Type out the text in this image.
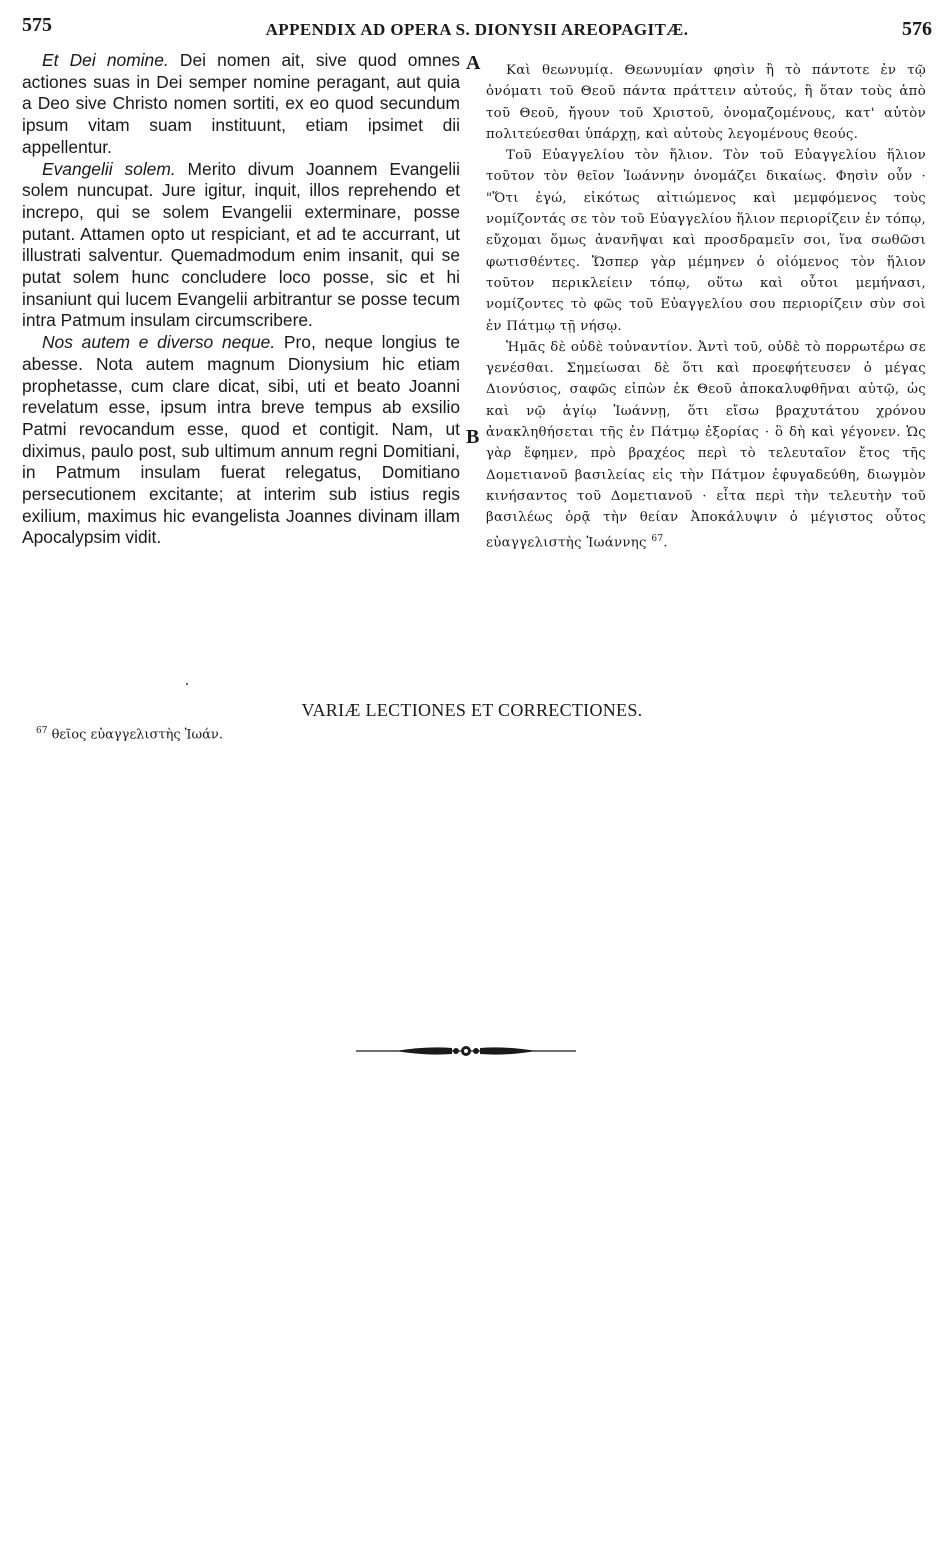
575	APPENDIX AD OPERA S. DIONYSII AREOPAGITÆ.	576
A
B

Et Dei nomine. Dei nomen ait, sive quod omnes actiones suas in Dei semper nomine peragant, aut quia a Deo sive Christo nomen sortiti, ex eo quod secundum ipsum vitam suam instituunt, etiam ipsimet dii appellentur.

Evangelii solem. Merito divum Joannem Evangelii solem nuncupat. Jure igitur, inquit, illos reprehendo et increpo, qui se solem Evangelii exterminare, posse putant. Attamen opto ut respiciant, et ad te accurrant, ut illustrati salventur. Quemadmodum enim insanit, qui se putat solem hunc concludere loco posse, sic et hi insaniunt qui lucem Evangelii arbitrantur se posse tecum intra Patmum insulam circumscribere.

Nos autem e diverso neque. Pro, neque longius te abesse. Nota autem magnum Dionysium hic etiam prophetasse, cum clare dicat, sibi, uti et beato Joanni revelatum esse, ipsum intra breve tempus ab exsilio Patmi revocandum esse, quod et contigit. Nam, ut diximus, paulo post, sub ultimum annum regni Domitiani, in Patmum insulam fuerat relegatus, Domitiano persecutionem excitante; at interim sub istius regis exilium, maximus hic evangelista Joannes divinam illam Apocalypsim vidit.

Καὶ θεωνυμίᾳ. Θεωνυμίαν φησὶν ἢ τὸ πάντοτε ἐν τῷ ὀνόματι τοῦ Θεοῦ πάντα πράττειν αὐτούς, ἢ ὅταν τοὺς ἀπὸ τοῦ Θεοῦ, ἤγουν τοῦ Χριστοῦ, ὀνομαζομένους, κατ' αὐτὸν πολιτεύεσθαι ὑπάρχῃ, καὶ αὐτοὺς λεγομένους θεούς.

Τοῦ Εὐαγγελίου τὸν ἥλιον. Τὸν τοῦ Εὐαγγελίου ἥλιον τοῦτον τὸν θεῖον Ἰωάννην ὀνομάζει δικαίως. Φησὶν οὖν · "Ὅτι ἐγώ, εἰκότως αἰτιώμενος καὶ μεμφόμενος τοὺς νομίζοντάς σε τὸν τοῦ Εὐαγγελίου ἥλιον περιορίζειν ἐν τόπῳ, εὔχομαι ὅμως ἀνανῆψαι καὶ προσδραμεῖν σοι, ἵνα σωθῶσι φωτισθέντες. Ὥσπερ γὰρ μέμηνεν ὁ οἰόμενος τὸν ἥλιον τοῦτον περικλείειν τόπῳ, οὕτω καὶ οὗτοι μεμήνασι, νομίζοντες τὸ φῶς τοῦ Εὐαγγελίου σου περιορίζειν σὺν σοὶ ἐν Πάτμῳ τῇ νήσῳ.

Ἡμᾶς δὲ οὐδὲ τοὐναντίον. Ἀντὶ τοῦ, οὐδὲ τὸ πορρωτέρω σε γενέσθαι. Σημείωσαι δὲ ὅτι καὶ προεφήτευσεν ὁ μέγας Διονύσιος, σαφῶς εἰπὼν ἐκ Θεοῦ ἀποκαλυφθῆναι αὐτῷ, ὡς καὶ νῷ ἁγίῳ Ἰωάννῃ, ὅτι εἴσω βραχυτάτου χρόνου ἀνακληθήσεται τῆς ἐν Πάτμῳ ἐξορίας · ὃ δὴ καὶ γέγονεν. Ὡς γὰρ ἔφημεν, πρὸ βραχέος περὶ τὸ τελευταῖον ἔτος τῆς Δομετιανοῦ βασιλείας εἰς τὴν Πάτμον ἐφυγαδεύθη, διωγμὸν κινήσαντος τοῦ Δομετιανοῦ · εἶτα περὶ τὴν τελευτὴν τοῦ βασιλέως ὁρᾷ τὴν θείαν Ἀποκάλυψιν ὁ μέγιστος οὗτος εὐαγγελιστὴς Ἰωάννης $^{67}$.

VARIÆ LECTIONES ET CORRECTIONES.
$^{67}$ θεῖος εὐαγγελιστὴς Ἰωάν.
